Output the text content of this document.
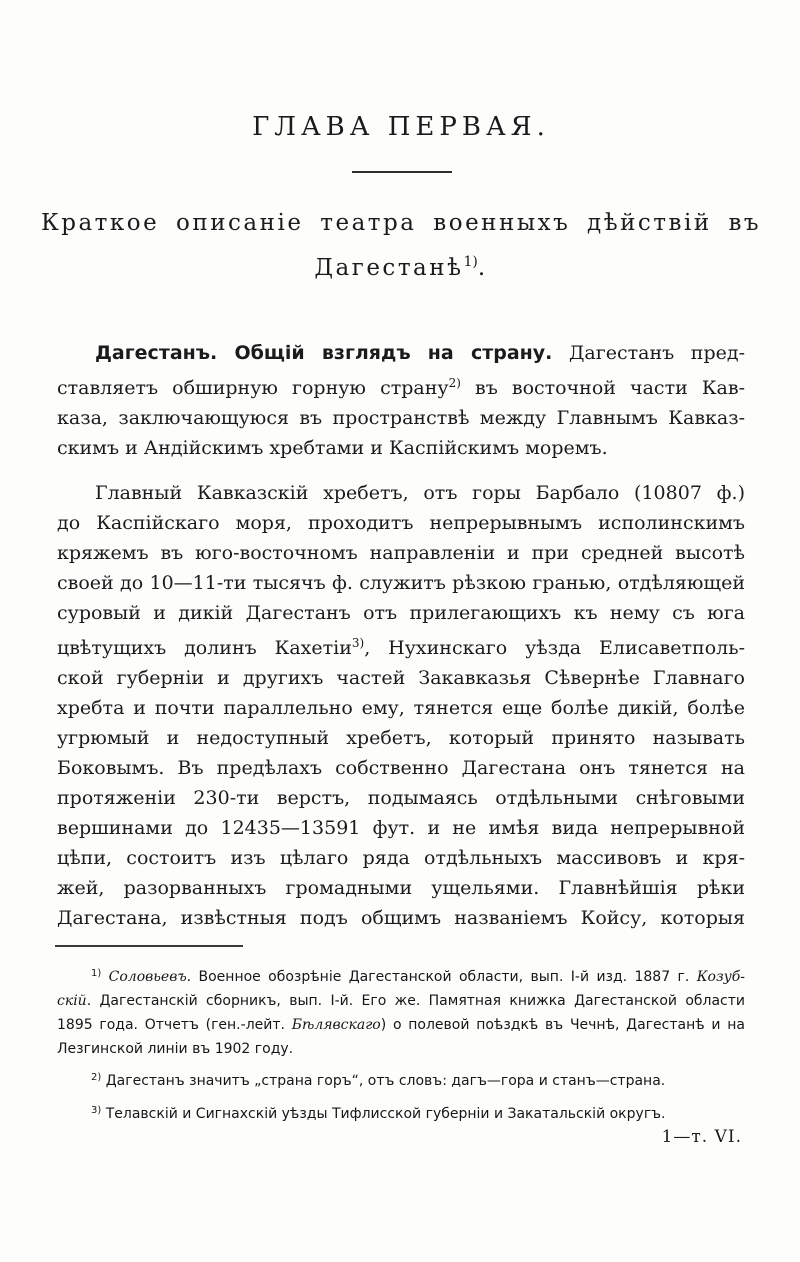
ГЛАВА ПЕРВАЯ.
Краткое описаніе театра военныхъ дѣйствій въ
Дагестанѣ$^{1)}$.
Дагестанъ. Общій взглядъ на страну. Дагестанъ пред-
ставляетъ обширную горную страну$^{2)}$ въ восточной части Кав-
каза, заключающуюся въ пространствѣ между Главнымъ Кавказ-
скимъ и Андійскимъ хребтами и Каспійскимъ моремъ.
Главный Кавказскій хребетъ, отъ горы Барбало (10807 ф.)
до Каспійскаго моря, проходитъ непрерывнымъ исполинскимъ
кряжемъ въ юго-восточномъ направленіи и при средней высотѣ
своей до 10—11-ти тысячъ ф. служитъ рѣзкою гранью, отдѣляющей
суровый и дикій Дагестанъ отъ прилегающихъ къ нему съ юга
цвѣтущихъ долинъ Кахетіи$^{3)}$, Нухинскаго уѣзда Елисаветполь-
ской губерніи и другихъ частей Закавказья Сѣвернѣе Главнаго
хребта и почти параллельно ему, тянется еще болѣе дикій, болѣе
угрюмый и недоступный хребетъ, который принято называть
Боковымъ. Въ предѣлахъ собственно Дагестана онъ тянется на
протяженіи 230-ти верстъ, подымаясь отдѣльными снѣговыми
вершинами до 12435—13591 фут. и не имѣя вида непрерывной
цѣпи, состоитъ изъ цѣлаго ряда отдѣльныхъ массивовъ и кря-
жей, разорванныхъ громадными ущельями. Главнѣйшія рѣки
Дагестана, извѣстныя подъ общимъ названіемъ Койсу, которыя
$^{1)}$ Соловьевъ. Военное обозрѣніе Дагестанской области, вып. I-й изд. 1887 г. Козуб-
скій. Дагестанскій сборникъ, вып. I-й. Его же. Памятная книжка Дагестанской области
1895 года. Отчетъ (ген.-лейт. Бѣлявскаго) о полевой поѣздкѣ въ Чечнѣ, Дагестанѣ и на
Лезгинской линіи въ 1902 году.
$^{2)}$ Дагестанъ значитъ „страна горъ“, отъ словъ: дагъ—гора и станъ—страна.
$^{3)}$ Телавскій и Сигнахскій уѣзды Тифлисской губерніи и Закатальскій округъ.
1—т. VI.
